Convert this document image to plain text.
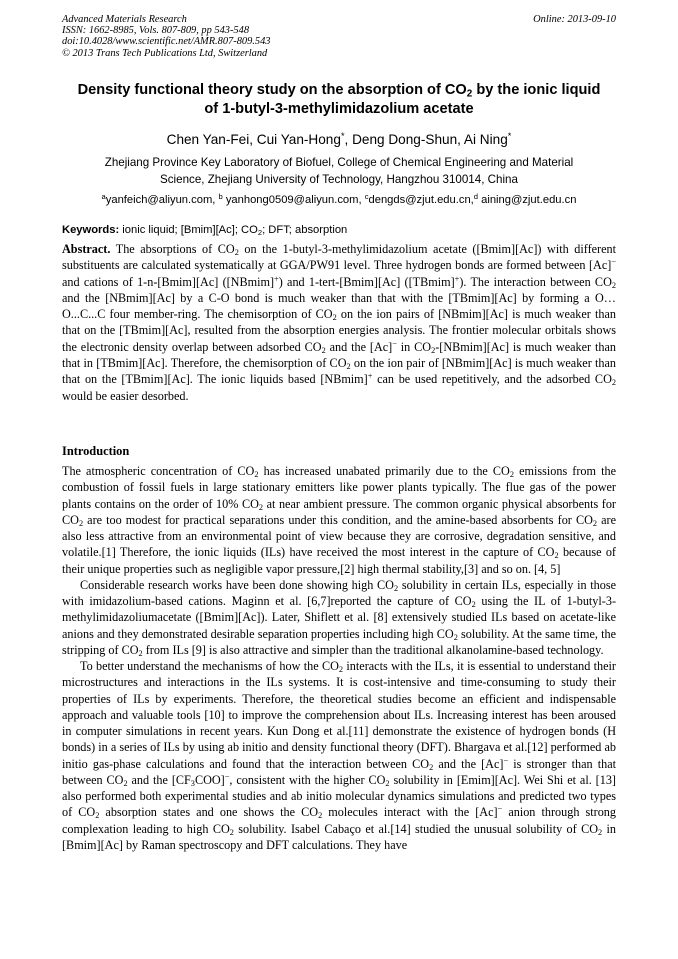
Advanced Materials Research
ISSN: 1662-8985, Vols. 807-809, pp 543-548
doi:10.4028/www.scientific.net/AMR.807-809.543
© 2013 Trans Tech Publications Ltd, Switzerland
Online: 2013-09-10
Density functional theory study on the absorption of $CO_2$ by the ionic liquid of 1-butyl-3-methylimidazolium acetate
Chen Yan-Fei, Cui Yan-Hong*, Deng Dong-Shun, Ai Ning*
Zhejiang Province Key Laboratory of Biofuel, College of Chemical Engineering and Material
Science, Zhejiang University of Technology, Hangzhou 310014, China
$^a$yanfeich@aliyun.com, $^b$ yanhong0509@aliyun.com, $^c$dengds@zjut.edu.cn,$^d$ aining@zjut.edu.cn
Keywords: ionic liquid; [Bmim][Ac]; $CO_2$; DFT; absorption
Abstract. The absorptions of $CO_2$ on the 1-butyl-3-methylimidazolium acetate ([Bmim][Ac]) with different substituents are calculated systematically at GGA/PW91 level. Three hydrogen bonds are formed between [Ac]− and cations of 1-n-[Bmim][Ac] ([NBmim]+) and 1-tert-[Bmim][Ac] ([TBmim]+). The interaction between $CO_2$ and the [NBmim][Ac] by a C-O bond is much weaker than that with the [TBmim][Ac] by forming a O…O...C...C four member-ring. The chemisorption of $CO_2$ on the ion pairs of [NBmim][Ac] is much weaker than that on the [TBmim][Ac], resulted from the absorption energies analysis. The frontier molecular orbitals shows the electronic density overlap between adsorbed $CO_2$ and the [Ac]− in $CO_2-[NBmim][Ac]$ is much weaker than that in [TBmim][Ac]. Therefore, the chemisorption of $CO_2$ on the ion pair of [NBmim][Ac] is much weaker than that on the [TBmim][Ac]. The ionic liquids based [NBmim]+ can be used repetitively, and the adsorbed $CO_2$ would be easier desorbed.
Introduction

The atmospheric concentration of $CO_2$ has increased unabated primarily due to the $CO_2$ emissions from the combustion of fossil fuels in large stationary emitters like power plants typically. The flue gas of the power plants contains on the order of 10% $CO_2$ at near ambient pressure. The common organic physical absorbents for $CO_2$ are too modest for practical separations under this condition, and the amine-based absorbents for $CO_2$ are also less attractive from an environmental point of view because they are corrosive, degradation sensitive, and volatile.[1] Therefore, the ionic liquids (ILs) have received the most interest in the capture of $CO_2$ because of their unique properties such as negligible vapor pressure,[2] high thermal stability,[3] and so on. [4, 5]

Considerable research works have been done showing high $CO_2$ solubility in certain ILs, especially in those with imidazolium-based cations. Maginn et al. [6,7]reported the capture of $CO_2$ using the IL of 1-butyl-3-methylimidazoliumacetate ([Bmim][Ac]). Later, Shiflett et al. [8] extensively studied ILs based on acetate-like anions and they demonstrated desirable separation properties including high $CO_2$ solubility. At the same time, the stripping of $CO_2$ from ILs [9] is also attractive and simpler than the traditional alkanolamine-based technology.

To better understand the mechanisms of how the $CO_2$ interacts with the ILs, it is essential to understand their microstructures and interactions in the ILs systems. It is cost-intensive and time-consuming to study their properties of ILs by experiments. Therefore, the theoretical studies become an efficient and indispensable approach and valuable tools [10] to improve the comprehension about ILs. Increasing interest has been aroused in computer simulations in recent years. Kun Dong et al.[11] demonstrate the existence of hydrogen bonds (H bonds) in a series of ILs by using ab initio and density functional theory (DFT). Bhargava et al.[12] performed ab initio gas-phase calculations and found that the interaction between $CO_2$ and the [Ac]− is stronger than that between $CO_2$ and the $[CF_3COO]^-$, consistent with the higher $CO_2$ solubility in [Emim][Ac]. Wei Shi et al. [13] also performed both experimental studies and ab initio molecular dynamics simulations and predicted two types of $CO_2$ absorption states and one shows the $CO_2$ molecules interact with the [Ac]− anion through strong complexation leading to high $CO_2$ solubility. Isabel Cabaço et al.[14] studied the unusual solubility of $CO_2$ in [Bmim][Ac] by Raman spectroscopy and DFT calculations. They have
